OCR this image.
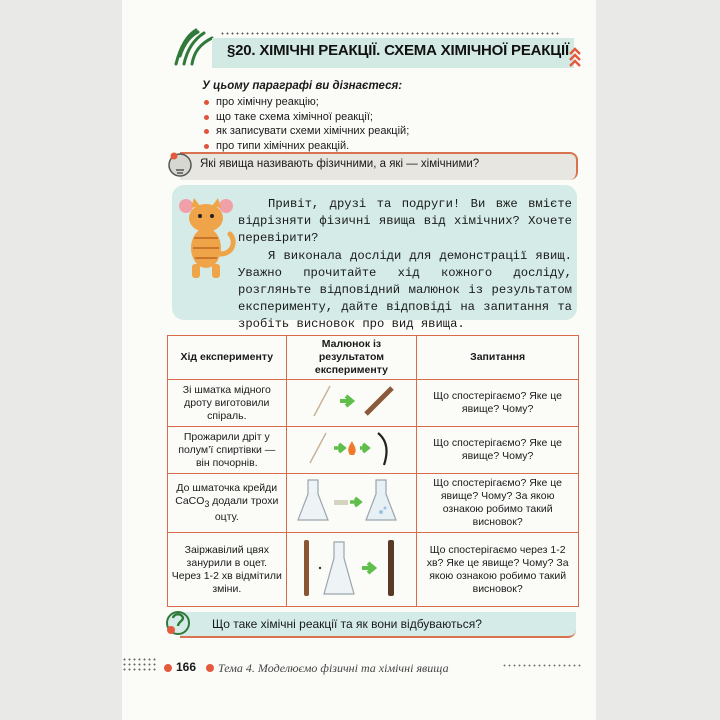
§20. ХІМІЧНІ РЕАКЦІЇ. СХЕМА ХІМІЧНОЇ РЕАКЦІЇ
У цьому параграфі ви дізнаєтеся:
про хімічну реакцію;
що таке схема хімічної реакції;
як записувати схеми хімічних реакцій;
про типи хімічних реакцій.
Які явища називають фізичними, а які — хімічними?

Привіт, друзі та подруги! Ви вже вмієте відрізняти фізичні явища від хімічних? Хочете перевірити?

Я виконала досліди для демонстрації явищ. Уважно прочитайте хід кожного досліду, розгляньте відповідний малюнок із результатом експерименту, дайте відповіді на запитання та зробіть висновок про вид явища.

Хід експерименту	Малюнок із результатом експерименту	Запитання
Зі шматка мідного дроту виготовили спіраль.		Що спостерігаємо? Яке це явище? Чому?
Прожарили дріт у полум’ї спиртівки — він почорнів.		Що спостерігаємо? Яке це явище? Чому?
До шматочка крейди CaCO$_3$ додали трохи оцту.		Що спостерігаємо? Яке це явище? Чому? За якою ознакою робимо такий висновок?
Заіржавілий цвях занурили в оцет. Через 1-2 хв відмітили зміни.		Що спостерігаємо через 1-2 хв? Яке це явище? Чому? За якою ознакою робимо такий висновок?
Що таке хімічні реакції та як вони відбуваються?
166 Тема 4. Моделюємо фізичні та хімічні явища
